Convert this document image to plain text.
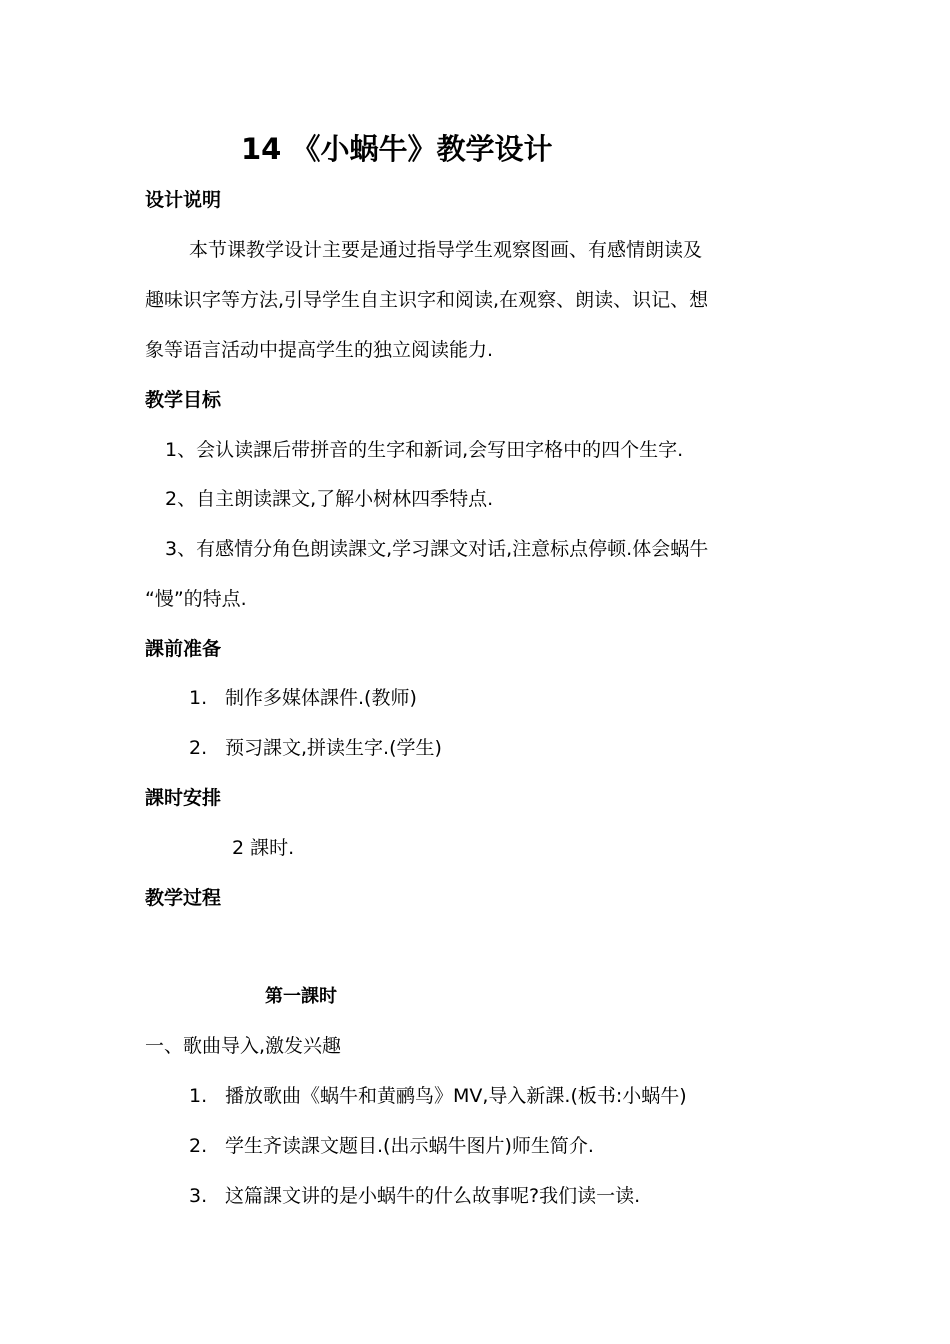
14 《小蜗牛》教学设计
设计说明
本节课教学设计主要是通过指导学生观察图画、有感情朗读及
趣味识字等方法,引导学生自主识字和阅读,在观察、朗读、识记、想
象等语言活动中提高学生的独立阅读能力.
教学目标
1、会认读課后带拼音的生字和新词,会写田字格中的四个生字.
2、自主朗读課文,了解小树林四季特点.
3、有感情分角色朗读課文,学习課文对话,注意标点停顿.体会蜗牛
“慢”的特点.
課前准备
1. 制作多媒体課件.(教师)
2. 预习課文,拼读生字.(学生)
課时安排
2 課时.
教学过程
第一課时
一、歌曲导入,激发兴趣
1. 播放歌曲《蜗牛和黄鹂鸟》MV,导入新課.(板书:小蜗牛)
2. 学生齐读課文题目.(出示蜗牛图片)师生简介.
3. 这篇課文讲的是小蜗牛的什么故事呢?我们读一读.
